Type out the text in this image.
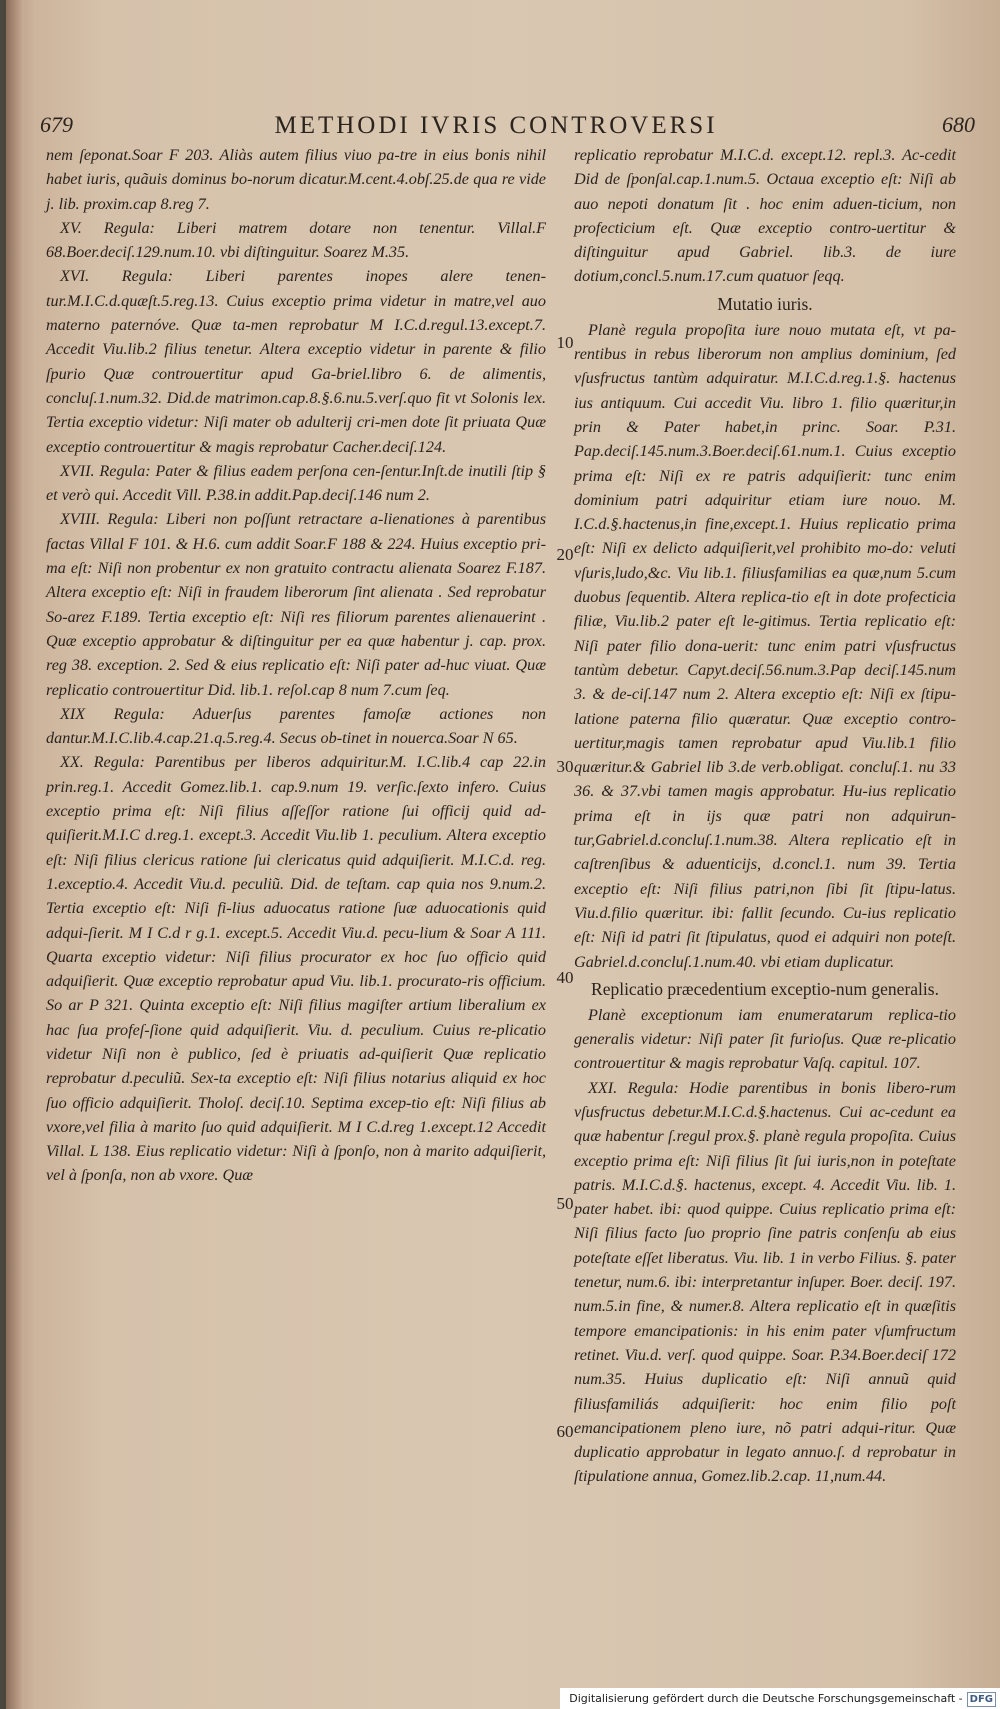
679	METHODI IVRIS CONTROVERSI	680

nem ſeponat.Soar F 203. Aliàs autem filius viuo pa-tre in eius bonis nihil habet iuris, quãuis dominus bo-norum dicatur.M.cent.4.obſ.25.de qua re vide j. lib. proxim.cap 8.reg 7.

XV. Regula: Liberi matrem dotare non tenentur. Villal.F 68.Boer.deciſ.129.num.10. vbi diſtinguitur. Soarez M.35.

XVI. Regula: Liberi parentes inopes alere tenen-tur.M.I.C.d.quæſt.5.reg.13. Cuius exceptio prima videtur in matre,vel auo materno paternóve. Quæ ta-men reprobatur M I.C.d.regul.13.except.7. Accedit Viu.lib.2 filius tenetur. Altera exceptio videtur in parente & filio ſpurio Quæ controuertitur apud Ga-briel.libro 6. de alimentis, concluſ.1.num.32. Did.de matrimon.cap.8.§.6.nu.5.verſ.quo fit vt Solonis lex. Tertia exceptio videtur: Niſi mater ob adulterij cri-men dote ſit priuata Quæ exceptio controuertitur & magis reprobatur Cacher.deciſ.124.

XVII. Regula: Pater & filius eadem perſona cen-ſentur.Inſt.de inutili ſtip § et verò qui. Accedit Vill. P.38.in addit.Pap.deciſ.146 num 2.

XVIII. Regula: Liberi non poſſunt retractare a-lienationes à parentibus factas Villal F 101. & H.6. cum addit Soar.F 188 & 224. Huius exceptio pri-ma eſt: Niſi non probentur ex non gratuito contractu alienata Soarez F.187. Altera exceptio eſt: Niſi in fraudem liberorum ſint alienata . Sed reprobatur So-arez F.189. Tertia exceptio eſt: Niſi res filiorum parentes alienauerint . Quæ exceptio approbatur & diſtinguitur per ea quæ habentur j. cap. prox. reg 38. exception. 2. Sed & eius replicatio eſt: Niſi pater ad-huc viuat. Quæ replicatio controuertitur Did. lib.1. reſol.cap 8 num 7.cum ſeq.

XIX Regula: Aduerſus parentes famoſæ actiones non dantur.M.I.C.lib.4.cap.21.q.5.reg.4. Secus ob-tinet in nouerca.Soar N 65.

XX. Regula: Parentibus per liberos adquiritur.M. I.C.lib.4 cap 22.in prin.reg.1. Accedit Gomez.lib.1. cap.9.num 19. verſic.ſexto infero. Cuius exceptio prima eſt: Niſi filius aſſeſſor ratione ſui officij quid ad-quiſierit.M.I.C d.reg.1. except.3. Accedit Viu.lib 1. peculium. Altera exceptio eſt: Niſi filius clericus ratione ſui clericatus quid adquiſierit. M.I.C.d. reg. 1.exceptio.4. Accedit Viu.d. peculiũ. Did. de teſtam. cap quia nos 9.num.2. Tertia exceptio eſt: Niſi fi-lius aduocatus ratione ſuæ aduocationis quid adqui-ſierit. M I C.d r g.1. except.5. Accedit Viu.d. pecu-lium & Soar A 111. Quarta exceptio videtur: Niſi filius procurator ex hoc ſuo officio quid adquiſierit. Quæ exceptio reprobatur apud Viu. lib.1. procurato-ris officium. So ar P 321. Quinta exceptio eſt: Niſi filius magiſter artium liberalium ex hac ſua profeſ-ſione quid adquiſierit. Viu. d. peculium. Cuius re-plicatio videtur Niſi non è publico, ſed è priuatis ad-quiſierit Quæ replicatio reprobatur d.peculiũ. Sex-ta exceptio eſt: Niſi filius notarius aliquid ex hoc ſuo officio adquiſierit. Tholoſ. deciſ.10. Septima excep-tio eſt: Niſi filius ab vxore,vel filia à marito ſuo quid adquiſierit. M I C.d.reg 1.except.12 Accedit Villal. L 138. Eius replicatio videtur: Niſi à ſponſo, non à marito adquiſierit, vel à ſponſa, non ab vxore. Quæ

10
20
30
40
50
60

replicatio reprobatur M.I.C.d. except.12. repl.3. Ac-cedit Did de ſponſal.cap.1.num.5. Octaua exceptio eſt: Niſi ab auo nepoti donatum ſit . hoc enim aduen-ticium, non profecticium eſt. Quæ exceptio contro-uertitur & diſtinguitur apud Gabriel. lib.3. de iure dotium,concl.5.num.17.cum quatuor ſeqq.

Mutatio iuris.

Planè regula propoſita iure nouo mutata eſt, vt pa-rentibus in rebus liberorum non amplius dominium, ſed vſusfructus tantùm adquiratur. M.I.C.d.reg.1.§. hactenus ius antiquum. Cui accedit Viu. libro 1. filio quæritur,in prin & Pater habet,in princ. Soar. P.31. Pap.deciſ.145.num.3.Boer.deciſ.61.num.1. Cuius exceptio prima eſt: Niſi ex re patris adquiſierit: tunc enim dominium patri adquiritur etiam iure nouo. M. I.C.d.§.hactenus,in fine,except.1. Huius replicatio prima eſt: Niſi ex delicto adquiſierit,vel prohibito mo-do: veluti vſuris,ludo,&c. Viu lib.1. filiusfamilias ea quæ,num 5.cum duobus ſequentib. Altera replica-tio eſt in dote profecticia filiæ, Viu.lib.2 pater eſt le-gitimus. Tertia replicatio eſt: Niſi pater filio dona-uerit: tunc enim patri vſusfructus tantùm debetur. Capyt.deciſ.56.num.3.Pap deciſ.145.num 3. & de-ciſ.147 num 2. Altera exceptio eſt: Niſi ex ſtipu-latione paterna filio quæratur. Quæ exceptio contro-uertitur,magis tamen reprobatur apud Viu.lib.1 filio quæritur.& Gabriel lib 3.de verb.obligat. concluſ.1. nu 33 36. & 37.vbi tamen magis approbatur. Hu-ius replicatio prima eſt in ijs quæ patri non adquirun-tur,Gabriel.d.concluſ.1.num.38. Altera replicatio eſt in caſtrenſibus & aduenticijs, d.concl.1. num 39. Tertia exceptio eſt: Niſi filius patri,non ſibi ſit ſtipu-latus. Viu.d.filio quæritur. ibi: fallit ſecundo. Cu-ius replicatio eſt: Niſi id patri ſit ſtipulatus, quod ei adquiri non poteſt. Gabriel.d.concluſ.1.num.40. vbi etiam duplicatur.

Replicatio præcedentium exceptio-num generalis.

Planè exceptionum iam enumeratarum replica-tio generalis videtur: Niſi pater ſit furioſus. Quæ re-plicatio controuertitur & magis reprobatur Vaſq. capitul. 107.

XXI. Regula: Hodie parentibus in bonis libero-rum vſusfructus debetur.M.I.C.d.§.hactenus. Cui ac-cedunt ea quæ habentur ſ.regul prox.§. planè regula propoſita. Cuius exceptio prima eſt: Niſi filius ſit ſui iuris,non in poteſtate patris. M.I.C.d.§. hactenus, except. 4. Accedit Viu. lib. 1. pater habet. ibi: quod quippe. Cuius replicatio prima eſt: Niſi filius facto ſuo proprio ſine patris conſenſu ab eius poteſtate eſſet liberatus. Viu. lib. 1 in verbo Filius. §. pater tenetur, num.6. ibi: interpretantur inſuper. Boer. deciſ. 197. num.5.in fine, & numer.8. Altera replicatio eſt in quæſitis tempore emancipationis: in his enim pater vſumfructum retinet. Viu.d. verſ. quod quippe. Soar. P.34.Boer.deciſ 172 num.35. Huius duplicatio eſt: Niſi annuũ quid filiusfamiliás adquiſierit: hoc enim filio poſt emancipationem pleno iure, nõ patri adqui-ritur. Quæ duplicatio approbatur in legato annuo.ſ. d reprobatur in ſtipulatione annua, Gomez.lib.2.cap. 11,num.44.

Digitalisierung gefördert durch die Deutsche Forschungsgemeinschaft - DFG
